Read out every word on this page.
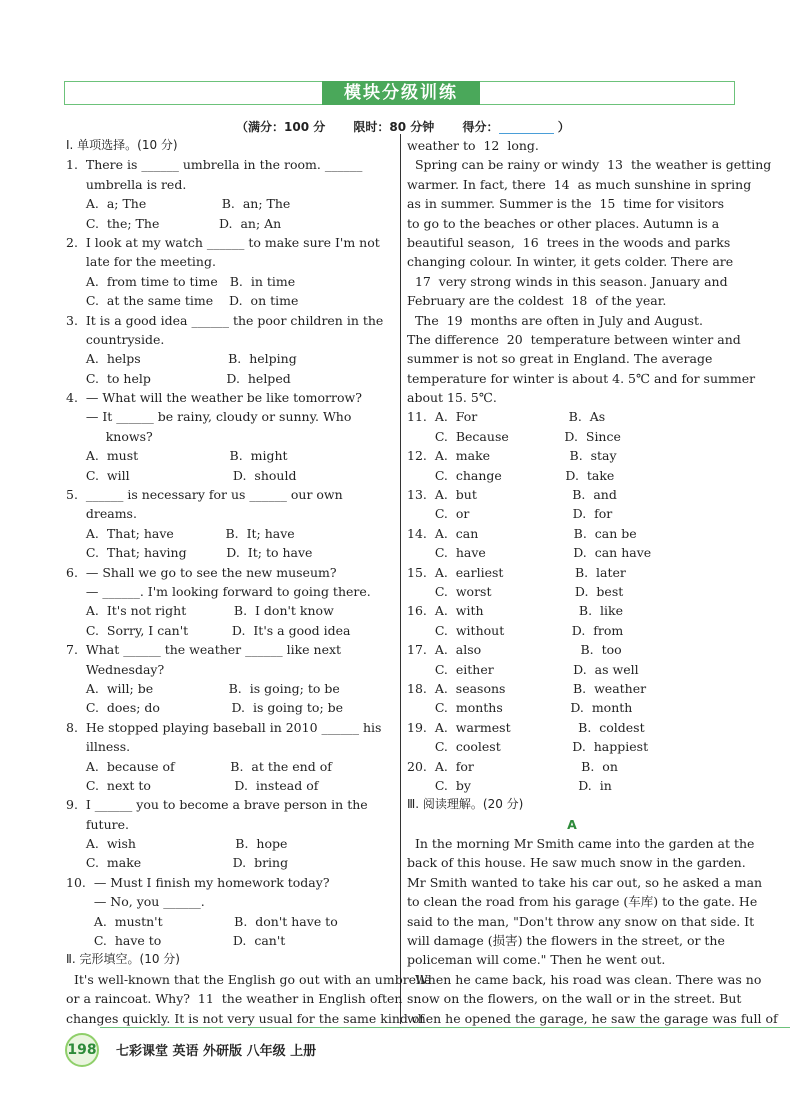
模块分级训练
（满分：100 分 限时：80 分钟 得分：	）
Ⅰ. 单项选择。(10 分)
1.  There is ______ umbrella in the room. ______
umbrella is red.
A.  a; The                   B.  an; The
C.  the; The               D.  an; An
2.  I look at my watch ______ to make sure I'm not
late for the meeting.
A.  from time to time   B.  in time
C.  at the same time    D.  on time
3.  It is a good idea ______ the poor children in the
countryside.
A.  helps                      B.  helping
C.  to help                   D.  helped
4.  — What will the weather be like tomorrow?
— It ______ be rainy, cloudy or sunny. Who
knows?
A.  must                       B.  might
C.  will                          D.  should
5.  ______ is necessary for us ______ our own
dreams.
A.  That; have             B.  It; have
C.  That; having          D.  It; to have
6.  — Shall we go to see the new museum?
— ______. I'm looking forward to going there.
A.  It's not right            B.  I don't know
C.  Sorry, I can't           D.  It's a good idea
7.  What ______ the weather ______ like next
Wednesday?
A.  will; be                   B.  is going; to be
C.  does; do                  D.  is going to; be
8.  He stopped playing baseball in 2010 ______ his
illness.
A.  because of              B.  at the end of
C.  next to                     D.  instead of
9.  I ______ you to become a brave person in the
future.
A.  wish                         B.  hope
C.  make                       D.  bring
10.  — Must I finish my homework today?
— No, you ______.
A.  mustn't                  B.  don't have to
C.  have to                  D.  can't
Ⅱ. 完形填空。(10 分)
It's well-known that the English go out with an umbrella
or a raincoat. Why?  11  the weather in English often
changes quickly. It is not very usual for the same kind of
weather to  12  long.
Spring can be rainy or windy  13  the weather is getting
warmer. In fact, there  14  as much sunshine in spring
as in summer. Summer is the  15  time for visitors
to go to the beaches or other places. Autumn is a
beautiful season,  16  trees in the woods and parks
changing colour. In winter, it gets colder. There are
17  very strong winds in this season. January and
February are the coldest  18  of the year.
The  19  months are often in July and August.
The difference  20  temperature between winter and
summer is not so great in England. The average
temperature for winter is about 4. 5℃ and for summer
about 15. 5℃.
11.  A.  For                       B.  As
C.  Because              D.  Since
12.  A.  make                    B.  stay
C.  change                D.  take
13.  A.  but                        B.  and
C.  or                          D.  for
14.  A.  can                        B.  can be
C.  have                      D.  can have
15.  A.  earliest                  B.  later
C.  worst                     D.  best
16.  A.  with                        B.  like
C.  without                 D.  from
17.  A.  also                         B.  too
C.  either                    D.  as well
18.  A.  seasons                 B.  weather
C.  months                 D.  month
19.  A.  warmest                 B.  coldest
C.  coolest                  D.  happiest
20.  A.  for                           B.  on
C.  by                           D.  in
Ⅲ. 阅读理解。(20 分)
A
In the morning Mr Smith came into the garden at the
back of this house. He saw much snow in the garden.
Mr Smith wanted to take his car out, so he asked a man
to clean the road from his garage (车库) to the gate. He
said to the man, "Don't throw any snow on that side. It
will damage (损害) the flowers in the street, or the
policeman will come." Then he went out.
When he came back, his road was clean. There was no
snow on the flowers, on the wall or in the street. But
when he opened the garage, he saw the garage was full of
198 七彩课堂 英语 外研版 八年级 上册
